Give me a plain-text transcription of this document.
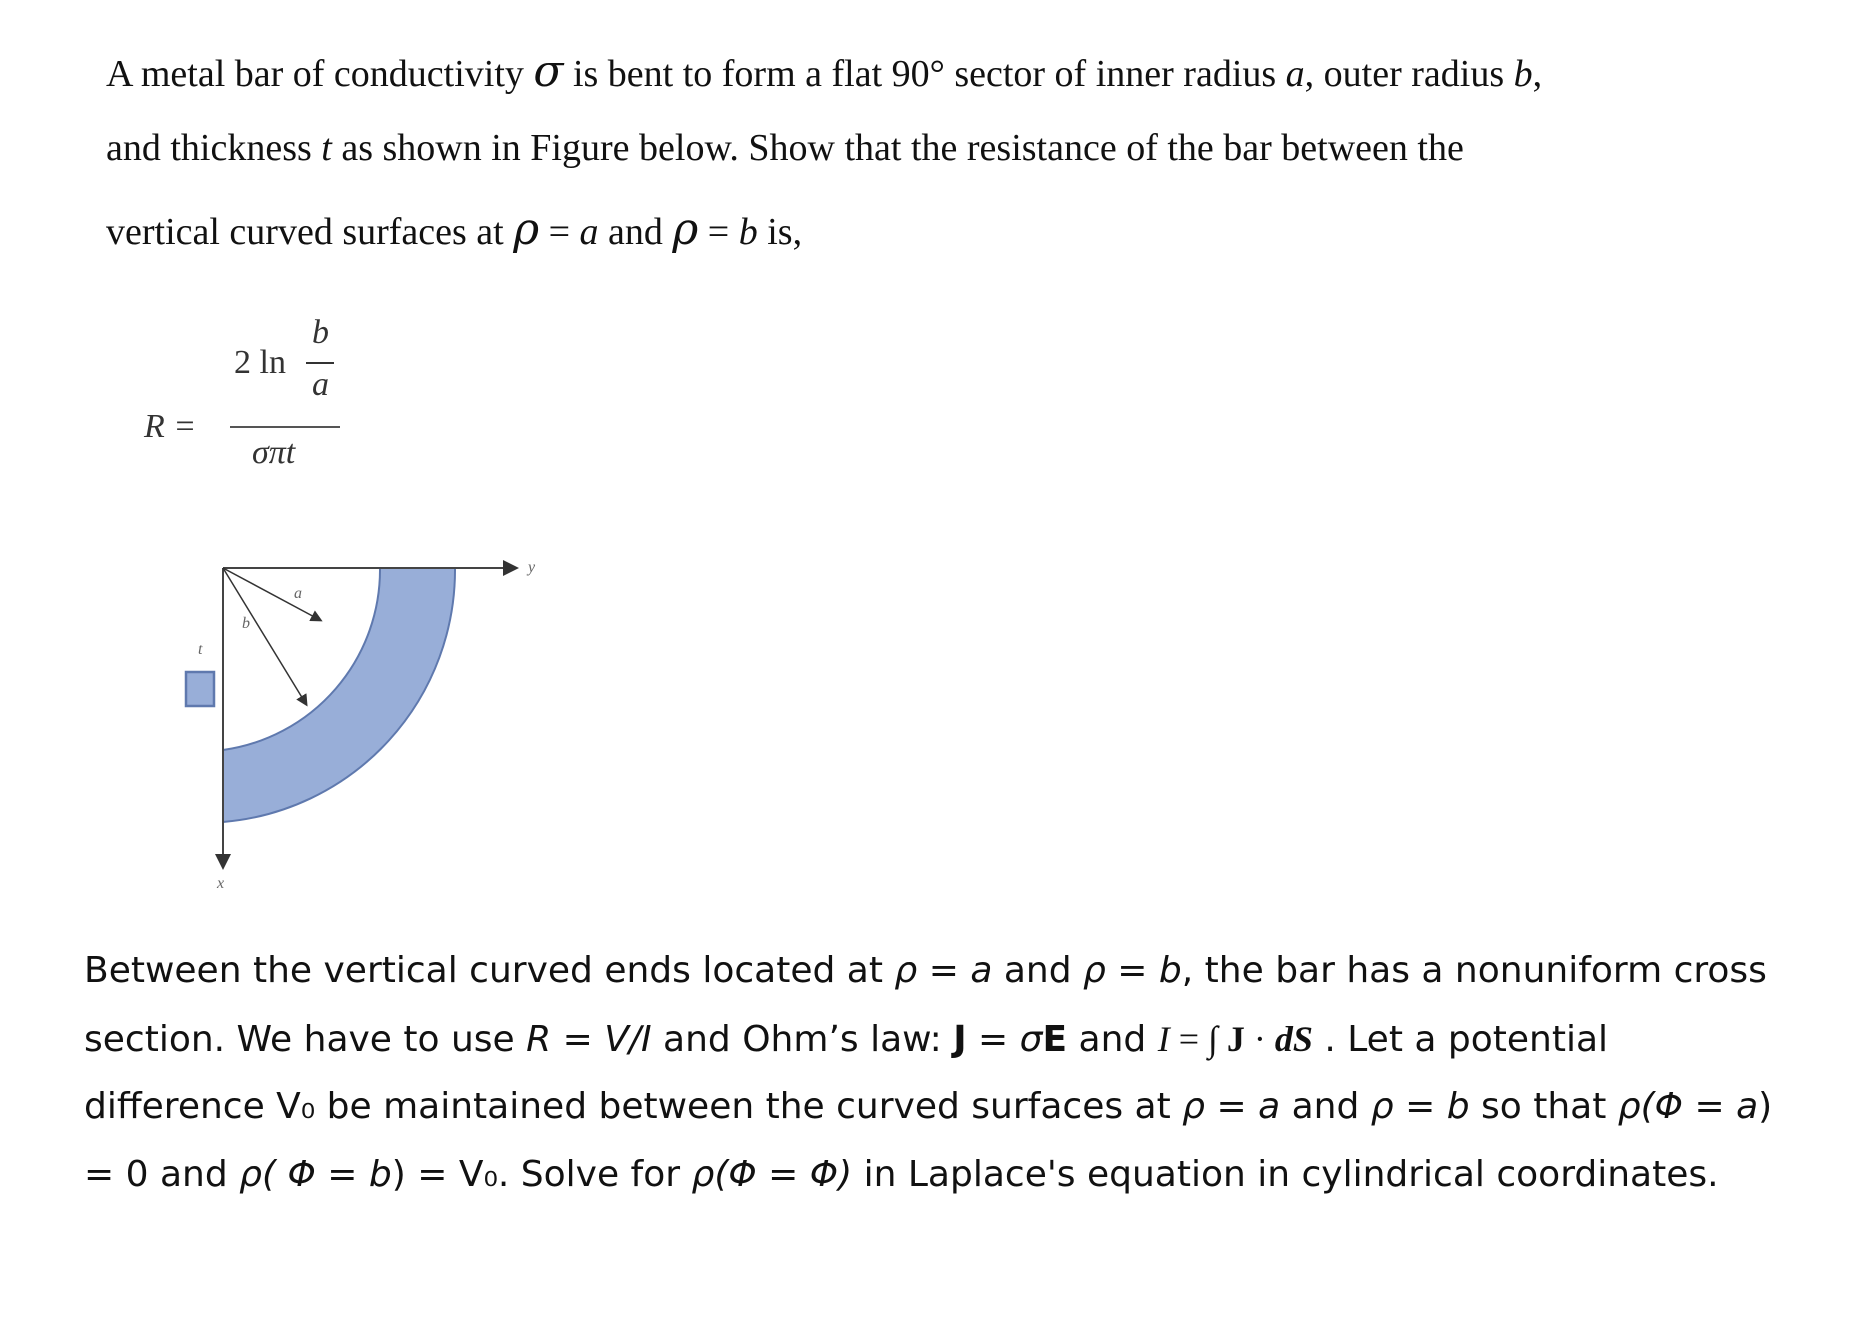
A metal bar of conductivity σ is bent to form a flat 90° sector of inner radius a, outer radius b,
and thickness t as shown in Figure below. Show that the resistance of the bar between the
vertical curved surfaces at ρ = a and ρ = b is,
R =
2 ln
b
a
σπt
y
x
a
b
t
Between the vertical curved ends located at ρ = a and ρ = b, the bar has a nonuniform cross
section. We have to use R = V/I and Ohm’s law: J = σE and I = ∫ J · dS . Let a potential
difference V₀ be maintained between the curved surfaces at ρ = a and ρ = b so that ρ(Φ = a)
= 0 and ρ( Φ = b) = V₀. Solve for ρ(Φ = Φ) in Laplace's equation in cylindrical coordinates.
